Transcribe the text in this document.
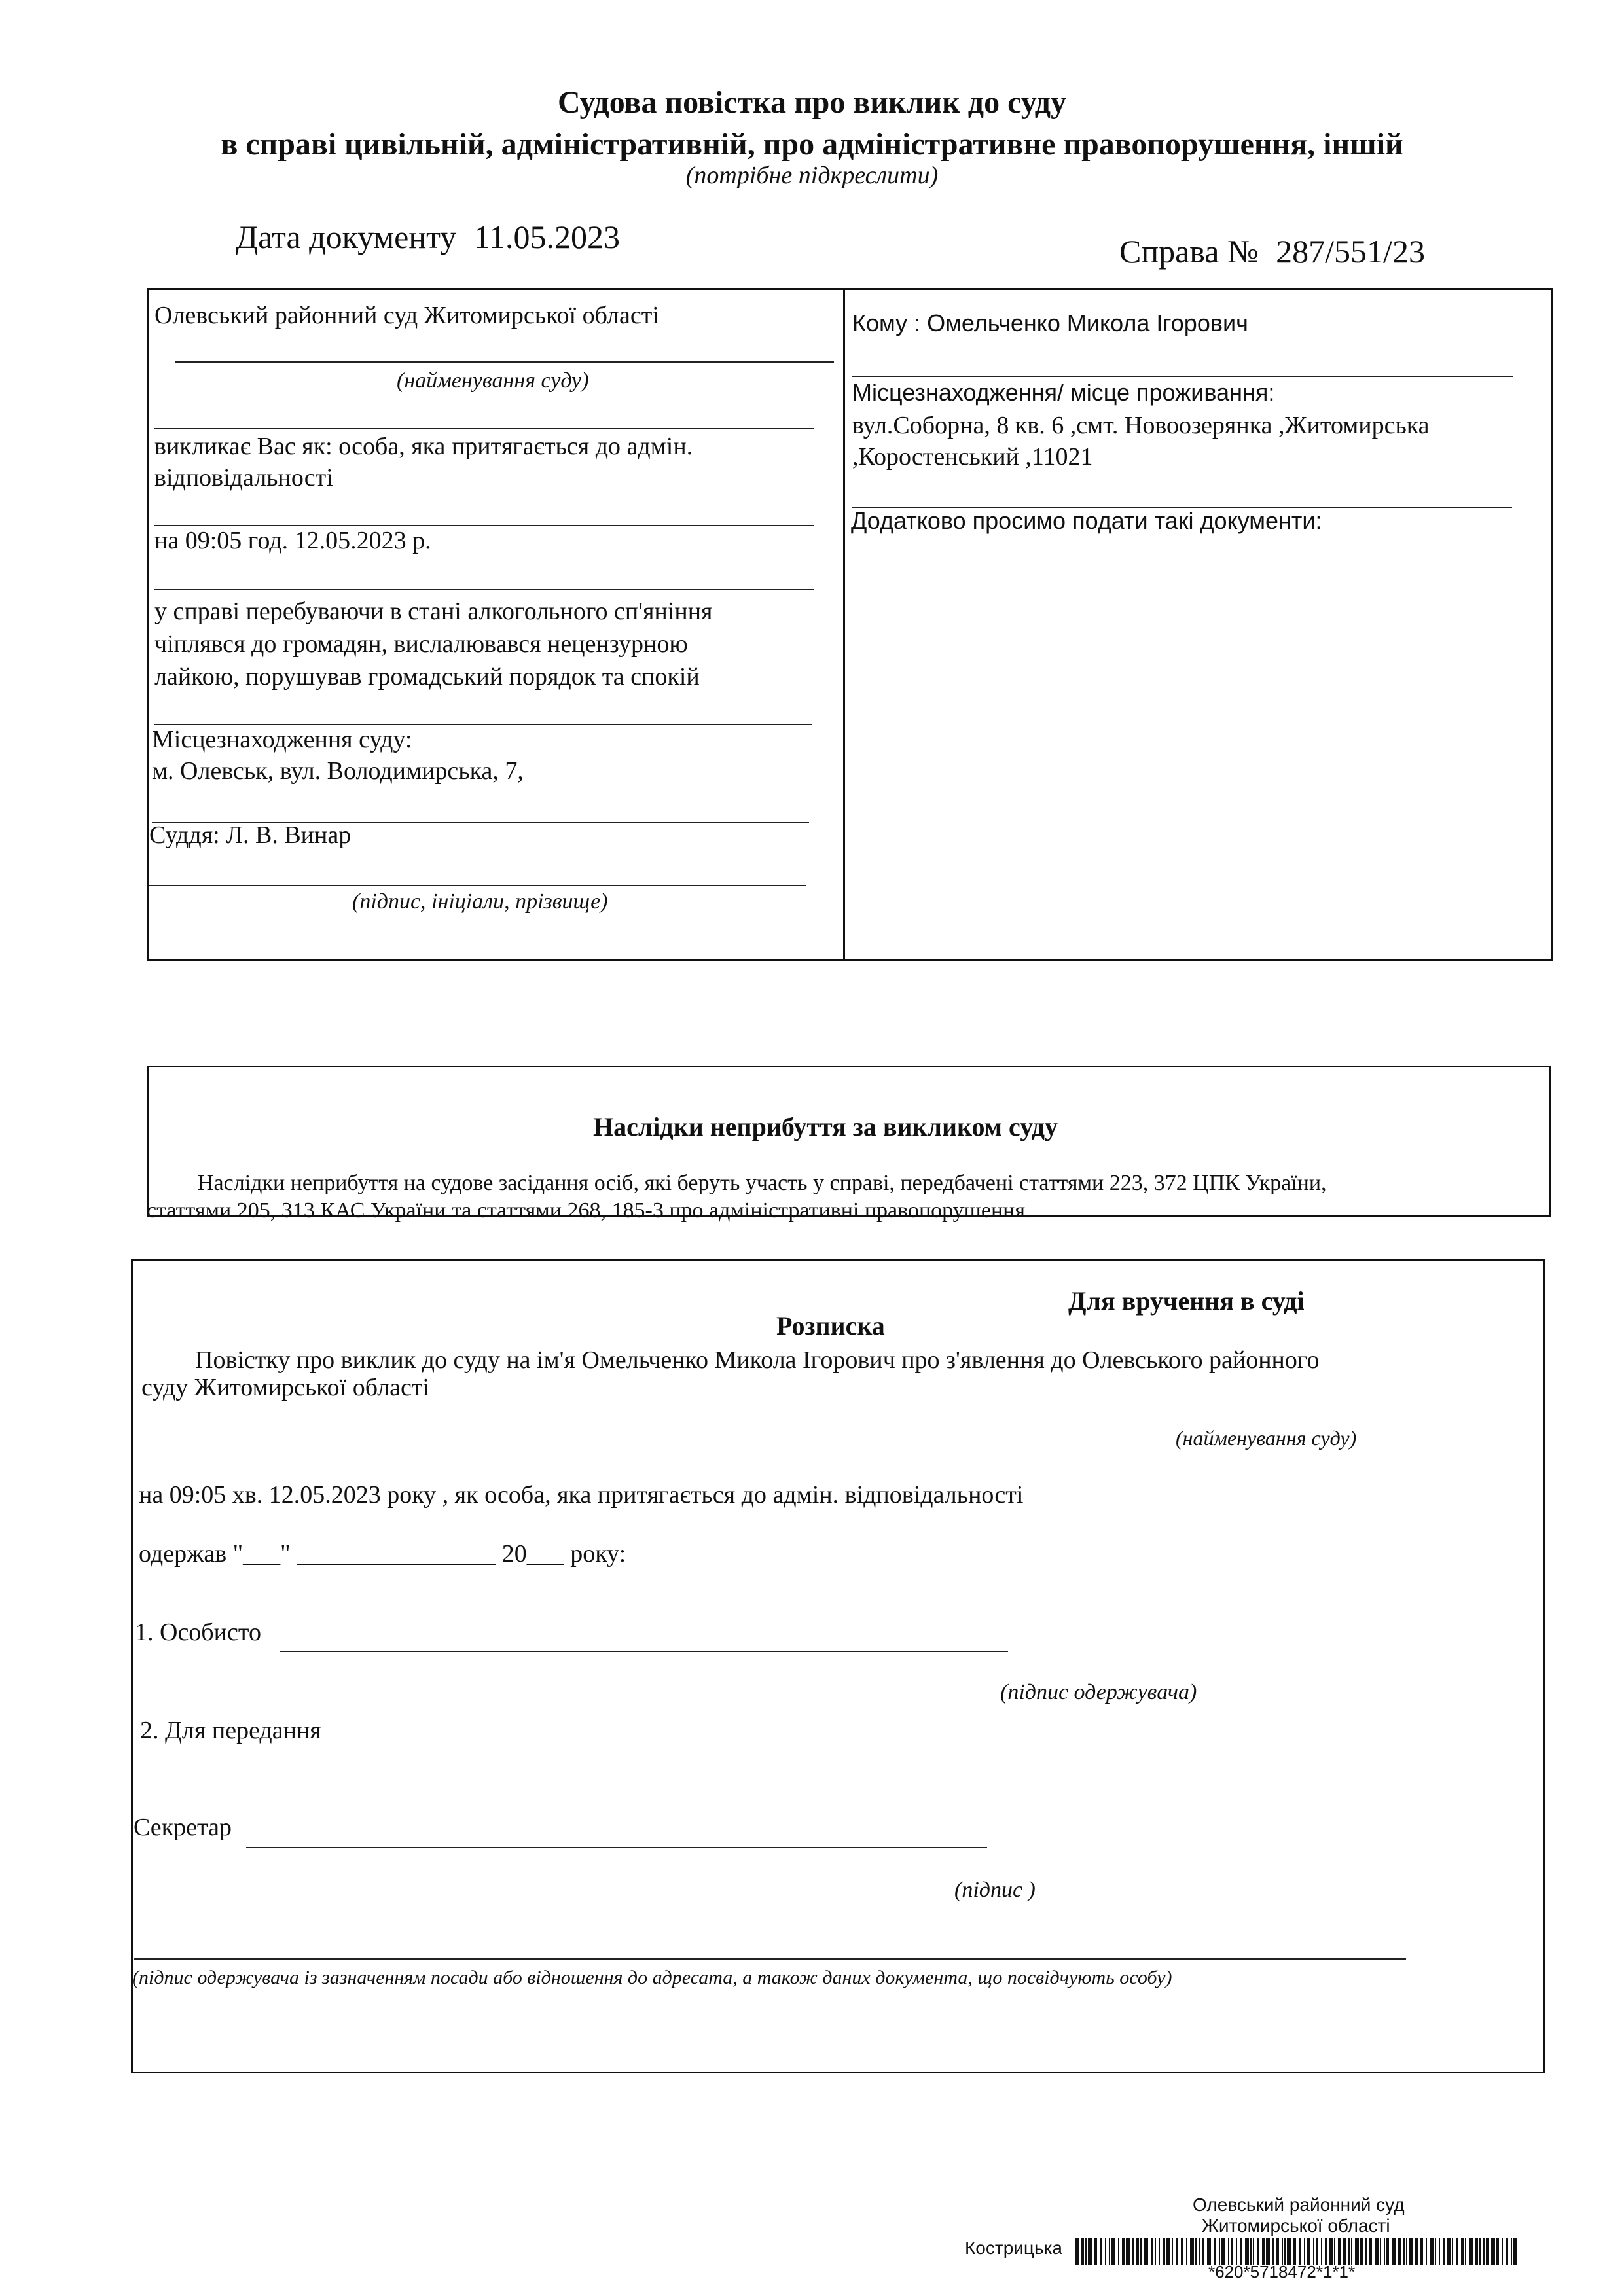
Судова повістка про виклик до суду
в справі цивільній, адміністративній, про адміністративне правопорушення, іншій
(потрібне підкреслити)
Дата документу 11.05.2023	Справа № 287/551/23
Олевський районний суд Житомирської області
(найменування суду)
викликає Вас як: особа, яка притягається до адмін.
відповідальності
на 09:05 год. 12.05.2023 р.
у справі перебуваючи в стані алкогольного сп'яніння
чіплявся до громадян, вислалювався нецензурною
лайкою, порушував громадський порядок та спокій
Місцезнаходження суду:
м. Олевськ, вул. Володимирська, 7,
Суддя: Л. В. Винар
(підпис, ініціали, прізвище)
Кому : Омельченко Микола Ігорович
Місцезнаходження/ місце проживання:
вул.Соборна, 8 кв. 6 ,смт. Новоозерянка ,Житомирська
,Коростенський ,11021
Додатково просимо подати такі документи:
Наслідки неприбуття за викликом суду
Наслідки неприбуття на судове засідання осіб, які беруть участь у справі, передбачені статтями 223, 372 ЦПК України,
статтями 205, 313 КАС України та статтями 268, 185-3 про адміністративні правопорушення.
Для вручення в суді
Розписка
Повістку про виклик до суду на ім'я Омельченко Микола Ігорович про з'явлення до Олевського районного
суду Житомирської області
(найменування суду)
на 09:05 хв. 12.05.2023 року , як особа, яка притягається до адмін. відповідальності
одержав "___" ________________ 20___ року:
1. Особисто
(підпис одержувача)
2. Для передання
Секретар
(підпис )
(підпис одержувача із зазначенням посади або відношення до адресата, а також даних документа, що посвідчують особу)
Олевський районний суд
Житомирської області
Кострицька
*620*5718472*1*1*
